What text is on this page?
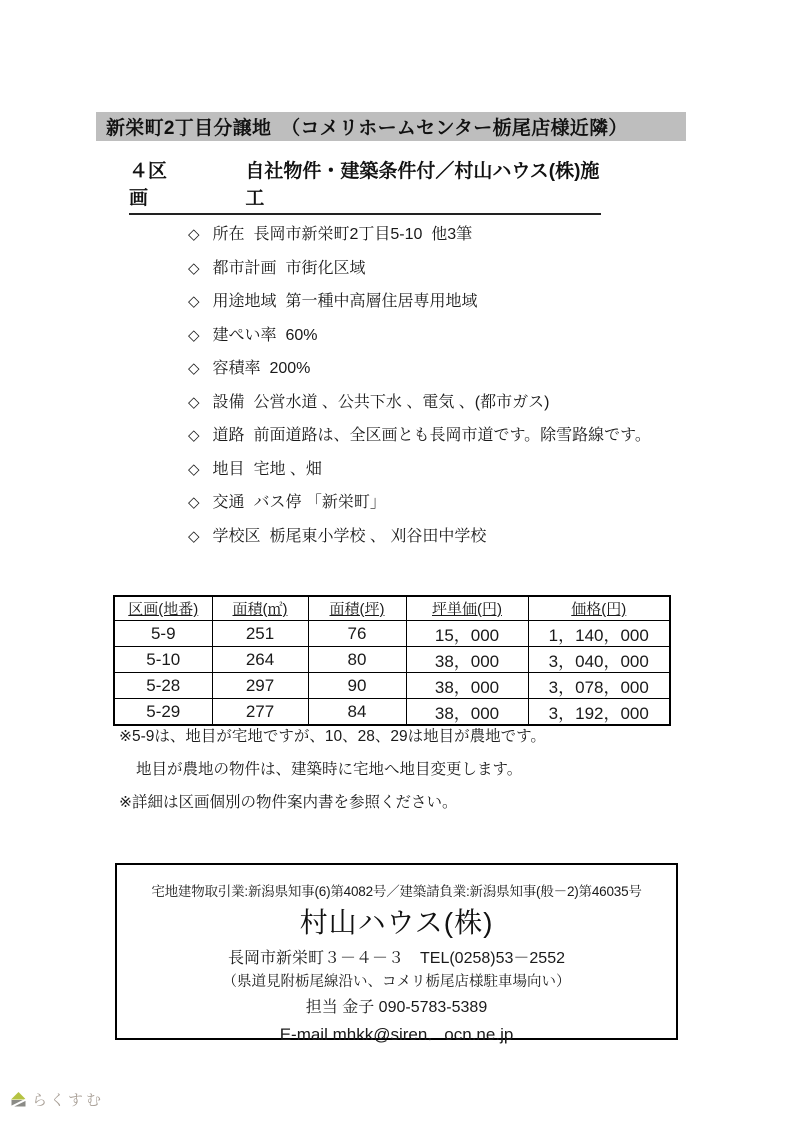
新栄町2丁目分譲地　（コメリホームセンター栃尾店様近隣）
４区画
自社物件・建築条件付／村山ハウス(株)施工
◇ 所在  長岡市新栄町2丁目5-10  他3筆
◇ 都市計画  市街化区域
◇ 用途地域  第一種中高層住居専用地域
◇ 建ぺい率  60%
◇ 容積率  200%
◇ 設備  公営水道 、公共下水 、電気 、(都市ガス)
◇ 道路  前面道路は、全区画とも長岡市道です。除雪路線です。
◇ 地目  宅地 、畑
◇ 交通  バス停 「新栄町」
◇ 学校区  栃尾東小学校 、 刈谷田中学校
区画(地番)	面積(㎡)	面積(坪)	坪単価(円)	価格(円)
5-9	251	76	15，000	1，140，000
5-10	264	80	38，000	3，040，000
5-28	297	90	38，000	3，078，000
5-29	277	84	38，000	3，192，000
※5-9は、地目が宅地ですが、10、28、29は地目が農地です。
地目が農地の物件は、建築時に宅地へ地目変更します。
※詳細は区画個別の物件案内書を参照ください。
宅地建物取引業:新潟県知事(6)第4082号／建築請負業:新潟県知事(般－2)第46035号
村山ハウス(株)
長岡市新栄町３－４－３　TEL(0258)53－2552
（県道見附栃尾線沿い、コメリ栃尾店様駐車場向い）
担当 金子 090-5783-5389
E-mail mhkk@siren．ocn.ne.jp
らくすむ
